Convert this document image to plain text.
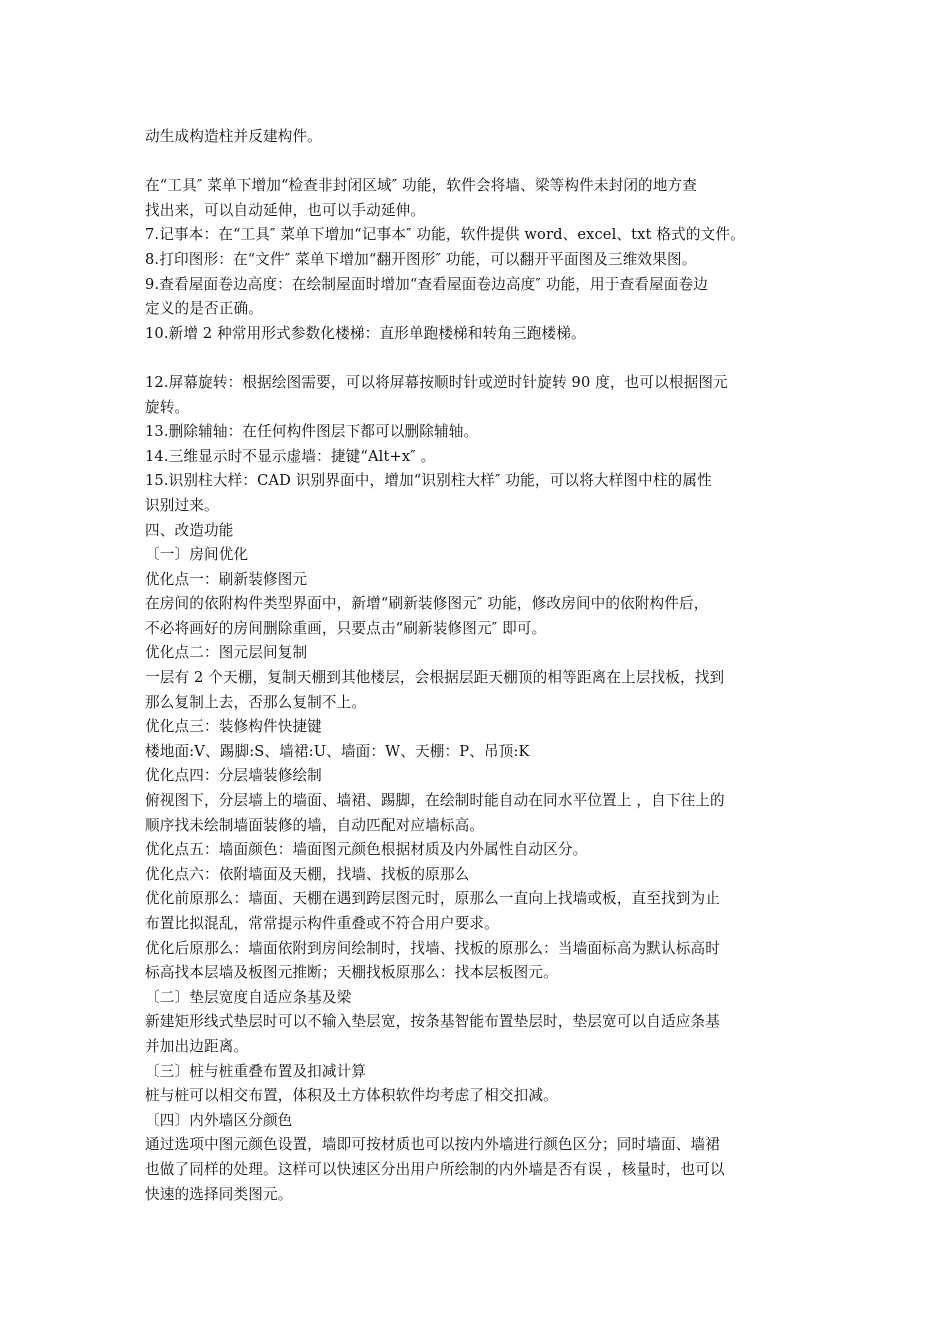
动生成构造柱并反建构件。
在“工具″ 菜单下增加“检查非封闭区域″ 功能，软件会将墙、梁等构件未封闭的地方查
找出来，可以自动延伸，也可以手动延伸。
7.记事本：在“工具″ 菜单下增加“记事本″ 功能，软件提供 word、excel、txt 格式的文件。
8.打印图形：在“文件″ 菜单下增加“翻开图形″ 功能，可以翻开平面图及三维效果图。
9.查看屋面卷边高度：在绘制屋面时增加“查看屋面卷边高度″ 功能，用于查看屋面卷边
定义的是否正确。
10.新增 2 种常用形式参数化楼梯：直形单跑楼梯和转角三跑楼梯。
12.屏幕旋转：根据绘图需要，可以将屏幕按顺时针或逆时针旋转 90 度，也可以根据图元
旋转。
13.删除辅轴：在任何构件图层下都可以删除辅轴。
14.三维显示时不显示虚墙：捷键“Alt+x″ 。
15.识别柱大样：CAD 识别界面中，增加“识别柱大样″ 功能，可以将大样图中柱的属性
识别过来。
四、改造功能
〔一〕房间优化
优化点一：刷新装修图元
在房间的依附构件类型界面中，新增“刷新装修图元″ 功能，修改房间中的依附构件后，
不必将画好的房间删除重画，只要点击“刷新装修图元″ 即可。
优化点二：图元层间复制
一层有 2 个天棚，复制天棚到其他楼层，会根据层距天棚顶的相等距离在上层找板，找到
那么复制上去，否那么复制不上。
优化点三：装修构件快捷键
楼地面:V、踢脚:S、墙裙:U、墙面：W、天棚：P、吊顶:K
优化点四：分层墙装修绘制
俯视图下，分层墙上的墙面、墙裙、踢脚，在绘制时能自动在同水平位置上 ，自下往上的
顺序找未绘制墙面装修的墙，自动匹配对应墙标高。
优化点五：墙面颜色：墙面图元颜色根据材质及内外属性自动区分。
优化点六：依附墙面及天棚，找墙、找板的原那么
优化前原那么：墙面、天棚在遇到跨层图元时，原那么一直向上找墙或板，直至找到为止
布置比拟混乱，常常提示构件重叠或不符合用户要求。
优化后原那么：墙面依附到房间绘制时，找墙、找板的原那么：当墙面标高为默认标高时
标高找本层墙及板图元推断；天棚找板原那么：找本层板图元。
〔二〕垫层宽度自适应条基及梁
新建矩形线式垫层时可以不输入垫层宽，按条基智能布置垫层时，垫层宽可以自适应条基
并加出边距离。
〔三〕桩与桩重叠布置及扣减计算
桩与桩可以相交布置，体积及土方体积软件均考虑了相交扣减。
〔四〕内外墙区分颜色
通过选项中图元颜色设置，墙即可按材质也可以按内外墙进行颜色区分；同时墙面、墙裙
也做了同样的处理。这样可以快速区分出用户所绘制的内外墙是否有误 ，核量时，也可以
快速的选择同类图元。
